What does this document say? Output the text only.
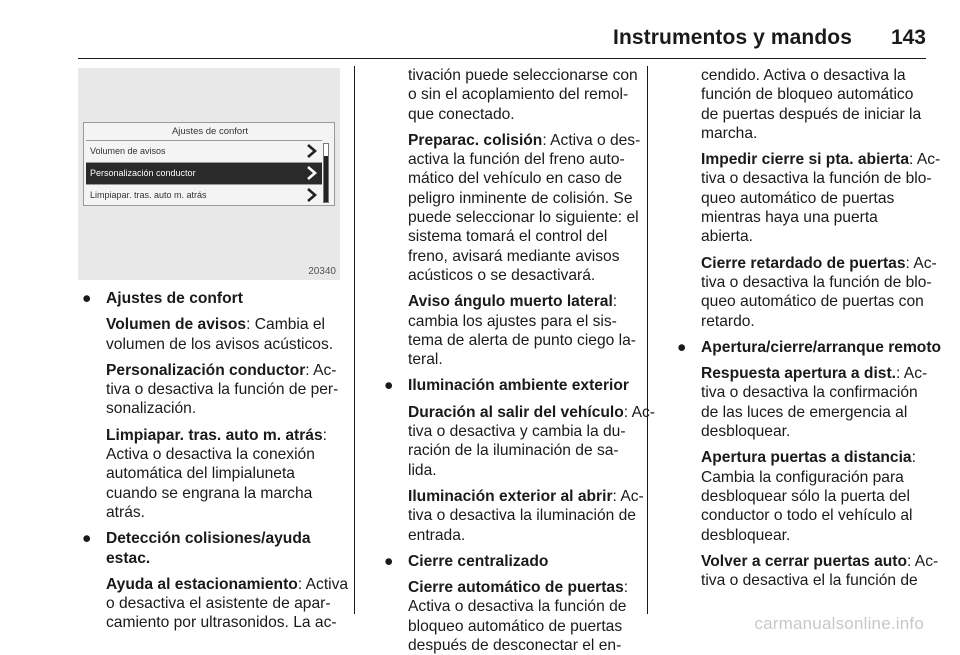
Instrumentos y mandos 143
Ajustes de confort
Volumen de avisos
Personalización conductor
Limpiapar. tras. auto m. atrás
20340
● Ajustes de confort
Volumen de avisos: Cambia el
volumen de los avisos acústicos.
Personalización conductor: Ac-
tiva o desactiva la función de per-
sonalización.
Limpiapar. tras. auto m. atrás:
Activa o desactiva la conexión
automática del limpialuneta
cuando se engrana la marcha
atrás.
● Detección colisiones/ayuda
estac.
Ayuda al estacionamiento: Activa
o desactiva el asistente de apar-
camiento por ultrasonidos. La ac-
tivación puede seleccionarse con
o sin el acoplamiento del remol-
que conectado.
Preparac. colisión: Activa o des-
activa la función del freno auto-
mático del vehículo en caso de
peligro inminente de colisión. Se
puede seleccionar lo siguiente: el
sistema tomará el control del
freno, avisará mediante avisos
acústicos o se desactivará.
Aviso ángulo muerto lateral:
cambia los ajustes para el sis-
tema de alerta de punto ciego la-
teral.
● Iluminación ambiente exterior
Duración al salir del vehículo: Ac-
tiva o desactiva y cambia la du-
ración de la iluminación de sa-
lida.
Iluminación exterior al abrir: Ac-
tiva o desactiva la iluminación de
entrada.
● Cierre centralizado
Cierre automático de puertas:
Activa o desactiva la función de
bloqueo automático de puertas
después de desconectar el en-
cendido. Activa o desactiva la
función de bloqueo automático
de puertas después de iniciar la
marcha.
Impedir cierre si pta. abierta: Ac-
tiva o desactiva la función de blo-
queo automático de puertas
mientras haya una puerta
abierta.
Cierre retardado de puertas: Ac-
tiva o desactiva la función de blo-
queo automático de puertas con
retardo.
● Apertura/cierre/arranque remoto
Respuesta apertura a dist.: Ac-
tiva o desactiva la confirmación
de las luces de emergencia al
desbloquear.
Apertura puertas a distancia:
Cambia la configuración para
desbloquear sólo la puerta del
conductor o todo el vehículo al
desbloquear.
Volver a cerrar puertas auto: Ac-
tiva o desactiva el la función de
carmanualsonline.info
